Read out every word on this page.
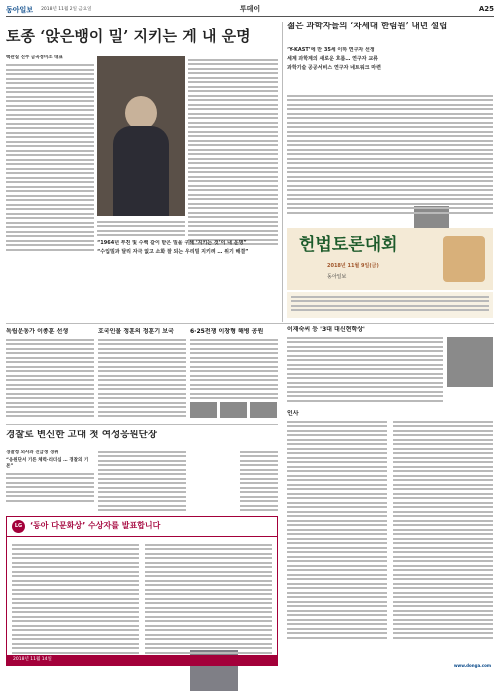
동아일보 2018년 11월 2일 금요일	투데이	A25
토종 ‘앉은뱅이 밀’ 지키는 게 내 운명
백관실 진주 금곡정미소 대표
“1964년 부친 및 수백 같이 받은 밀을 구해 ‘지키는 것’이 내 운명”
“수입밀과 달리 자극 없고 소화 잘 되는 우리밀 지키려 … 위기 해결”
젊은 과학자들의 ‘차세대 한림원’ 내년 설립
‘Y-KAST’에 만 35세 이하 연구자 선정
세계 과학계의 새로운 흐름… 연구자 교류
과학기술 공공서비스 연구자 네트워크 마련
헌법토론대회
2018년 11월 9일(금)
동아일보
독립운동가 이종훈 선생	호국인물 정훈의 정훈기 보국	6·25전쟁 이창형 해병 공원	이재숙씨 등 '3대 대신현학상'
인사
www.donga.com
경찰로 변신한 고대 첫 여성응원단장
경찰청 외사과 진급생 경위
“응원단서 기른 체력·리더십 … 경찰의 기본”
LG ‘동아 다문화상’ 수상자를 발표합니다
2018년 11월 14일
